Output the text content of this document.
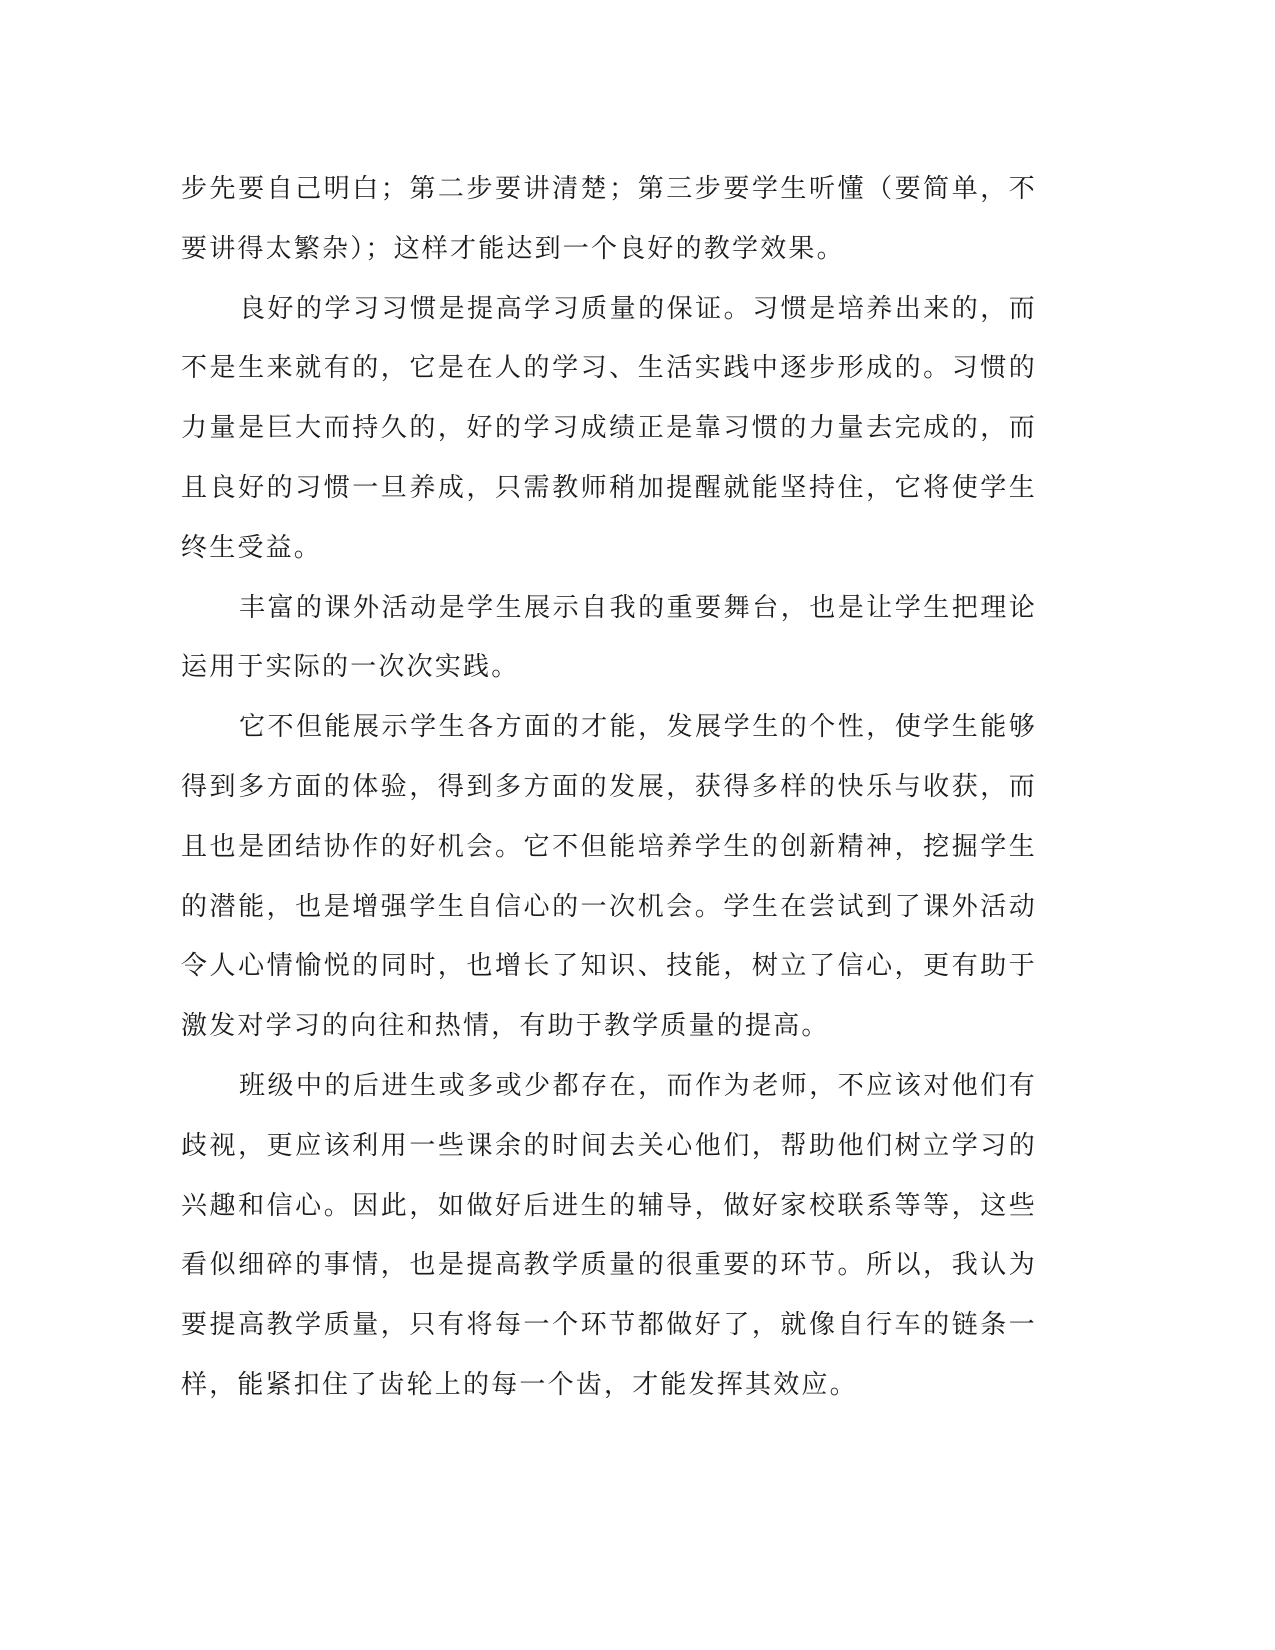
步先要自己明白；第二步要讲清楚；第三步要学生听懂（要简单，不要讲得太繁杂）；这样才能达到一个良好的教学效果。

良好的学习习惯是提高学习质量的保证。习惯是培养出来的，而不是生来就有的，它是在人的学习、生活实践中逐步形成的。习惯的力量是巨大而持久的，好的学习成绩正是靠习惯的力量去完成的，而且良好的习惯一旦养成，只需教师稍加提醒就能坚持住，它将使学生终生受益。

丰富的课外活动是学生展示自我的重要舞台，也是让学生把理论运用于实际的一次次实践。

它不但能展示学生各方面的才能，发展学生的个性，使学生能够得到多方面的体验，得到多方面的发展，获得多样的快乐与收获，而且也是团结协作的好机会。它不但能培养学生的创新精神，挖掘学生的潜能，也是增强学生自信心的一次机会。学生在尝试到了课外活动令人心情愉悦的同时，也增长了知识、技能，树立了信心，更有助于激发对学习的向往和热情，有助于教学质量的提高。

班级中的后进生或多或少都存在，而作为老师，不应该对他们有歧视，更应该利用一些课余的时间去关心他们，帮助他们树立学习的兴趣和信心。因此，如做好后进生的辅导，做好家校联系等等，这些看似细碎的事情，也是提高教学质量的很重要的环节。所以，我认为要提高教学质量，只有将每一个环节都做好了，就像自行车的链条一样，能紧扣住了齿轮上的每一个齿，才能发挥其效应。
